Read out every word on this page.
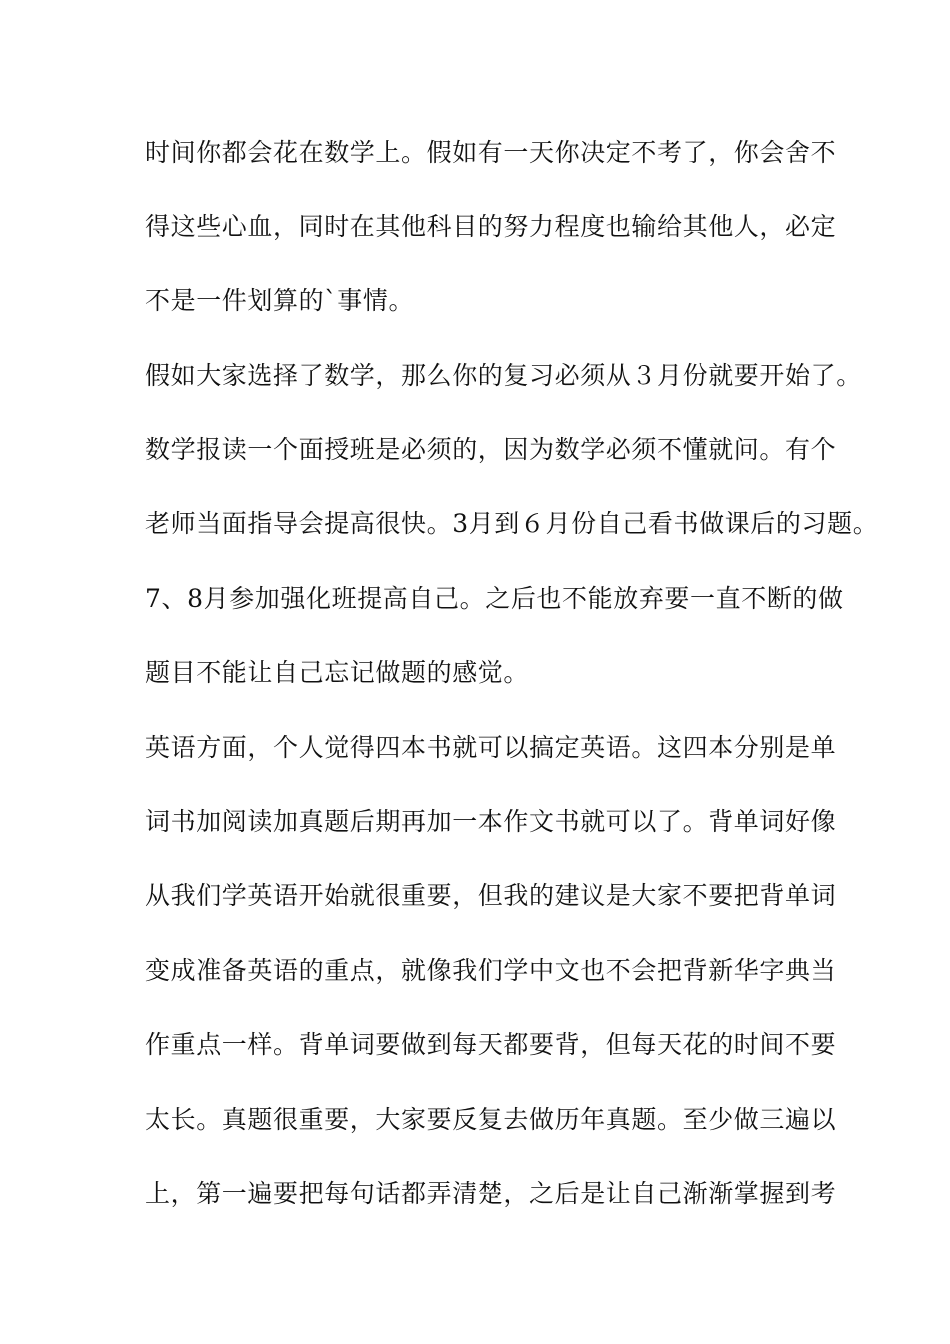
时间你都会花在数学上。假如有一天你决定不考了，你会舍不
得这些心血，同时在其他科目的努力程度也输给其他人，必定
不是一件划算的`事情。
假如大家选择了数学，那么你的复习必须从３月份就要开始了。
数学报读一个面授班是必须的，因为数学必须不懂就问。有个
老师当面指导会提高很快。3月到６月份自己看书做课后的习题。
7、8月参加强化班提高自己。之后也不能放弃要一直不断的做
题目不能让自己忘记做题的感觉。
英语方面，个人觉得四本书就可以搞定英语。这四本分别是单
词书加阅读加真题后期再加一本作文书就可以了。背单词好像
从我们学英语开始就很重要，但我的建议是大家不要把背单词
变成准备英语的重点，就像我们学中文也不会把背新华字典当
作重点一样。背单词要做到每天都要背，但每天花的时间不要
太长。真题很重要，大家要反复去做历年真题。至少做三遍以
上，第一遍要把每句话都弄清楚，之后是让自己渐渐掌握到考
